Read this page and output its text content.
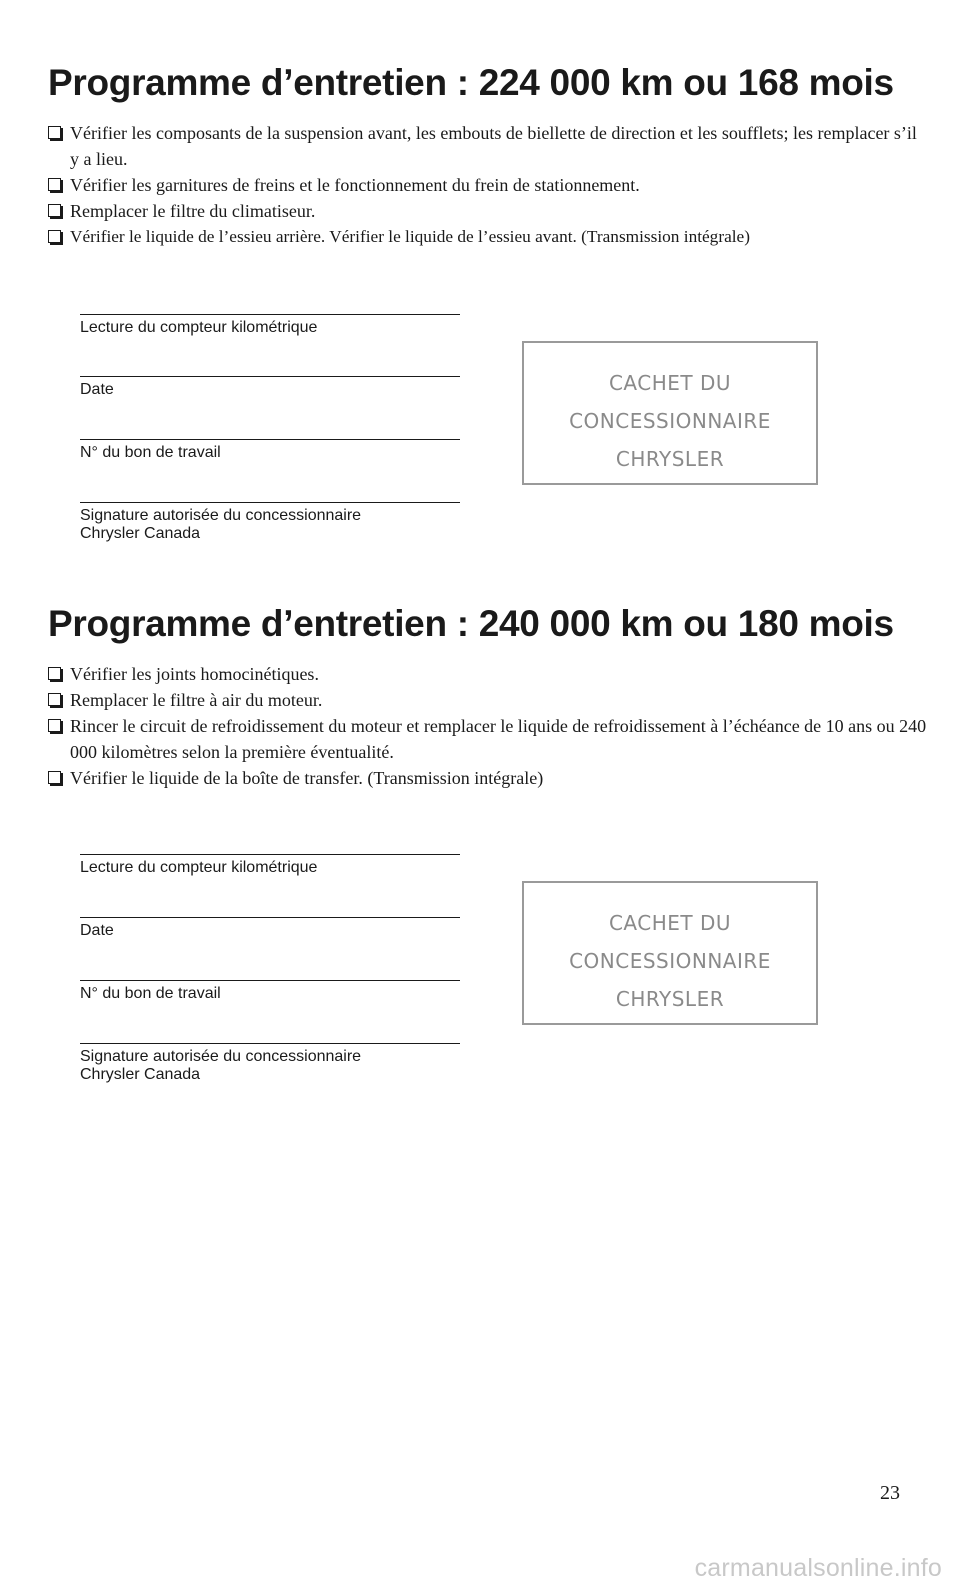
Programme d’entretien : 224 000 km ou 168 mois
Vérifier les composants de la suspension avant, les embouts de biellette de direction et les soufflets; les remplacer s’il y a lieu.
Vérifier les garnitures de freins et le fonctionnement du frein de stationnement.
Remplacer le filtre du climatiseur.
Vérifier le liquide de l’essieu arrière. Vérifier le liquide de l’essieu avant. (Transmission intégrale)
Lecture du compteur kilométrique
Date
N° du bon de travail
Signature autorisée du concessionnaire
Chrysler Canada
CACHET DU
CONCESSIONNAIRE
CHRYSLER
Programme d’entretien : 240 000 km ou 180 mois
Vérifier les joints homocinétiques.
Remplacer le filtre à air du moteur.
Rincer le circuit de refroidissement du moteur et remplacer le liquide de refroidissement à l’échéance de 10 ans ou 240 000 kilomètres selon la première éventualité.
Vérifier le liquide de la boîte de transfer. (Transmission intégrale)
Lecture du compteur kilométrique
Date
N° du bon de travail
Signature autorisée du concessionnaire
Chrysler Canada
CACHET DU
CONCESSIONNAIRE
CHRYSLER
23
carmanualsonline.info
